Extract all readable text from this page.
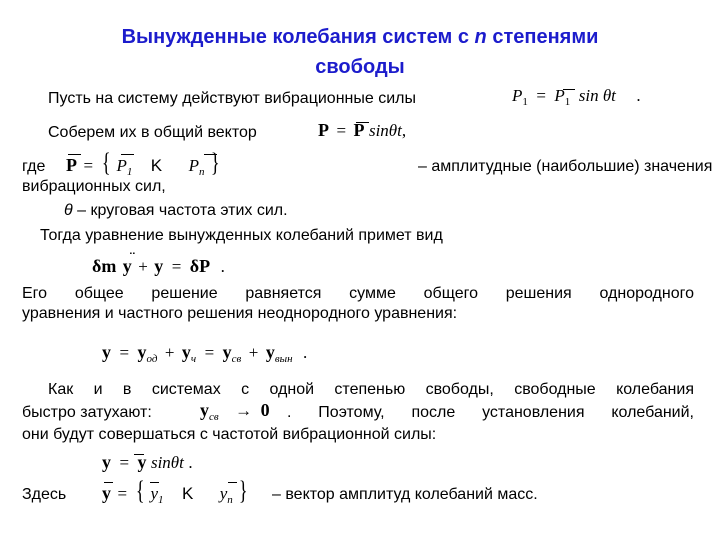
Вынужденные колебания систем с n степенями
свободы
Пусть на систему действуют вибрационные силы	$P_1 = P_1$ sin θt .
Соберем их в общий вектор	P = P sinθt,
где P = { $P_1$ K $P_n$ }	– амплитудные (наибольшие) значения
вибрационных сил,
θ – круговая частота этих сил.
Тогда уравнение вынужденных колебаний примет вид
δm y + y = δP .
¨
Его общее решение равняется сумме общего решения однородного
уравнения и частного решения неоднородного уравнения:
$y = y_{од} + y_ч = y_{св} + y_{вын}$ .
Как и в системах с одной степенью свободы, свободные колебания
быстро затухают:	$y_{св} \to 0$ . Поэтому, после установления колебаний,
они будут совершаться с частотой вибрационной силы:
y = y sinθt .
Здесь y = { $y_1$ K $y_n$ } – вектор амплитуд колебаний масс.
